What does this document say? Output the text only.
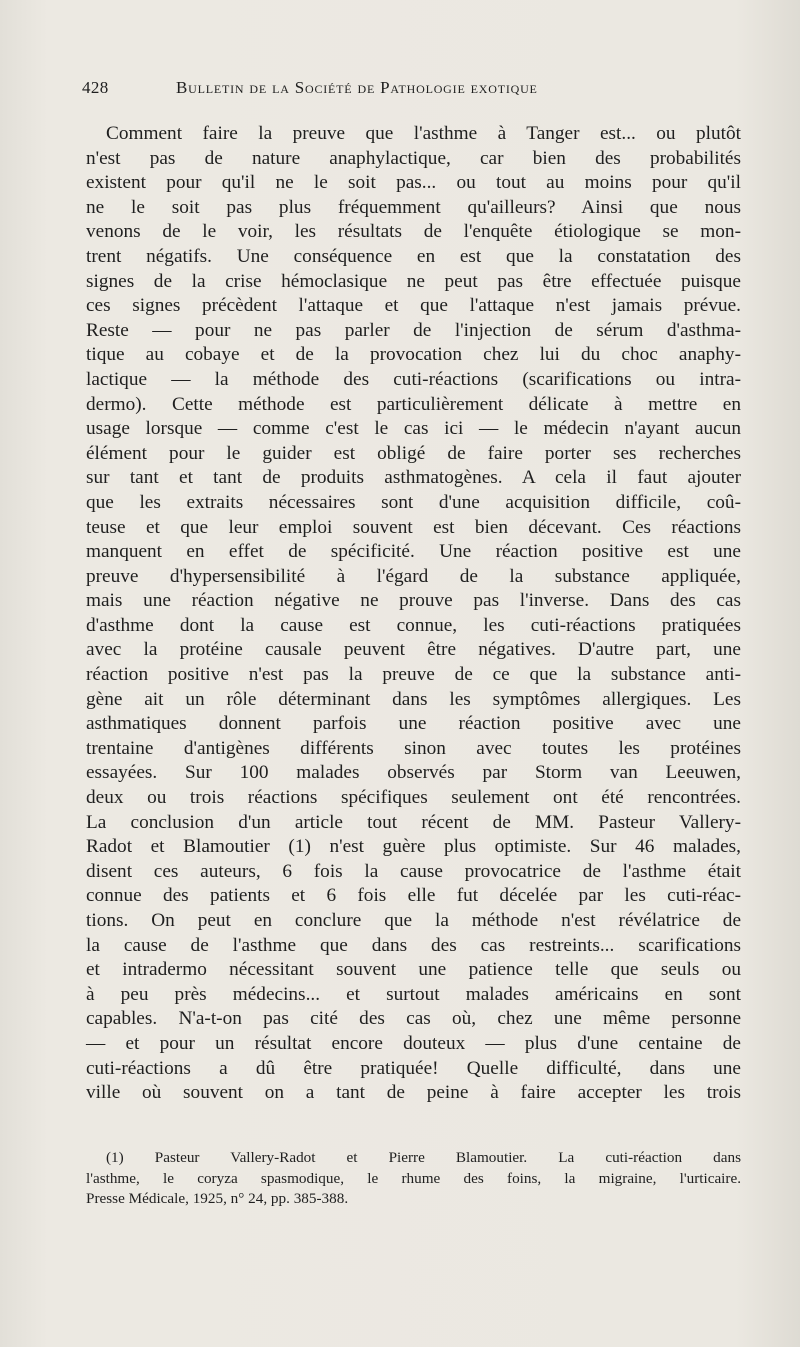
428	Bulletin de la Société de Pathologie exotique
Comment faire la preuve que l'asthme à Tanger est... ou plutôt
n'est pas de nature anaphylactique, car bien des probabilités
existent pour qu'il ne le soit pas... ou tout au moins pour qu'il
ne le soit pas plus fréquemment qu'ailleurs? Ainsi que nous
venons de le voir, les résultats de l'enquête étiologique se mon-
trent négatifs. Une conséquence en est que la constatation des
signes de la crise hémoclasique ne peut pas être effectuée puisque
ces signes précèdent l'attaque et que l'attaque n'est jamais prévue.
Reste — pour ne pas parler de l'injection de sérum d'asthma-
tique au cobaye et de la provocation chez lui du choc anaphy-
lactique — la méthode des cuti-réactions (scarifications ou intra-
dermo). Cette méthode est particulièrement délicate à mettre en
usage lorsque — comme c'est le cas ici — le médecin n'ayant aucun
élément pour le guider est obligé de faire porter ses recherches
sur tant et tant de produits asthmatogènes. A cela il faut ajouter
que les extraits nécessaires sont d'une acquisition difficile, coû-
teuse et que leur emploi souvent est bien décevant. Ces réactions
manquent en effet de spécificité. Une réaction positive est une
preuve d'hypersensibilité à l'égard de la substance appliquée,
mais une réaction négative ne prouve pas l'inverse. Dans des cas
d'asthme dont la cause est connue, les cuti-réactions pratiquées
avec la protéine causale peuvent être négatives. D'autre part, une
réaction positive n'est pas la preuve de ce que la substance anti-
gène ait un rôle déterminant dans les symptômes allergiques. Les
asthmatiques donnent parfois une réaction positive avec une
trentaine d'antigènes différents sinon avec toutes les protéines
essayées. Sur 100 malades observés par Storm van Leeuwen,
deux ou trois réactions spécifiques seulement ont été rencontrées.
La conclusion d'un article tout récent de MM. Pasteur Vallery-
Radot et Blamoutier (1) n'est guère plus optimiste. Sur 46 malades,
disent ces auteurs, 6 fois la cause provocatrice de l'asthme était
connue des patients et 6 fois elle fut décelée par les cuti-réac-
tions. On peut en conclure que la méthode n'est révélatrice de
la cause de l'asthme que dans des cas restreints... scarifications
et intradermo nécessitant souvent une patience telle que seuls ou
à peu près médecins... et surtout malades américains en sont
capables. N'a-t-on pas cité des cas où, chez une même personne
— et pour un résultat encore douteux — plus d'une centaine de
cuti-réactions a dû être pratiquée! Quelle difficulté, dans une
ville où souvent on a tant de peine à faire accepter les trois
(1) Pasteur Vallery-Radot et Pierre Blamoutier. La cuti-réaction dans
l'asthme, le coryza spasmodique, le rhume des foins, la migraine, l'urticaire.
Presse Médicale, 1925, n° 24, pp. 385-388.
